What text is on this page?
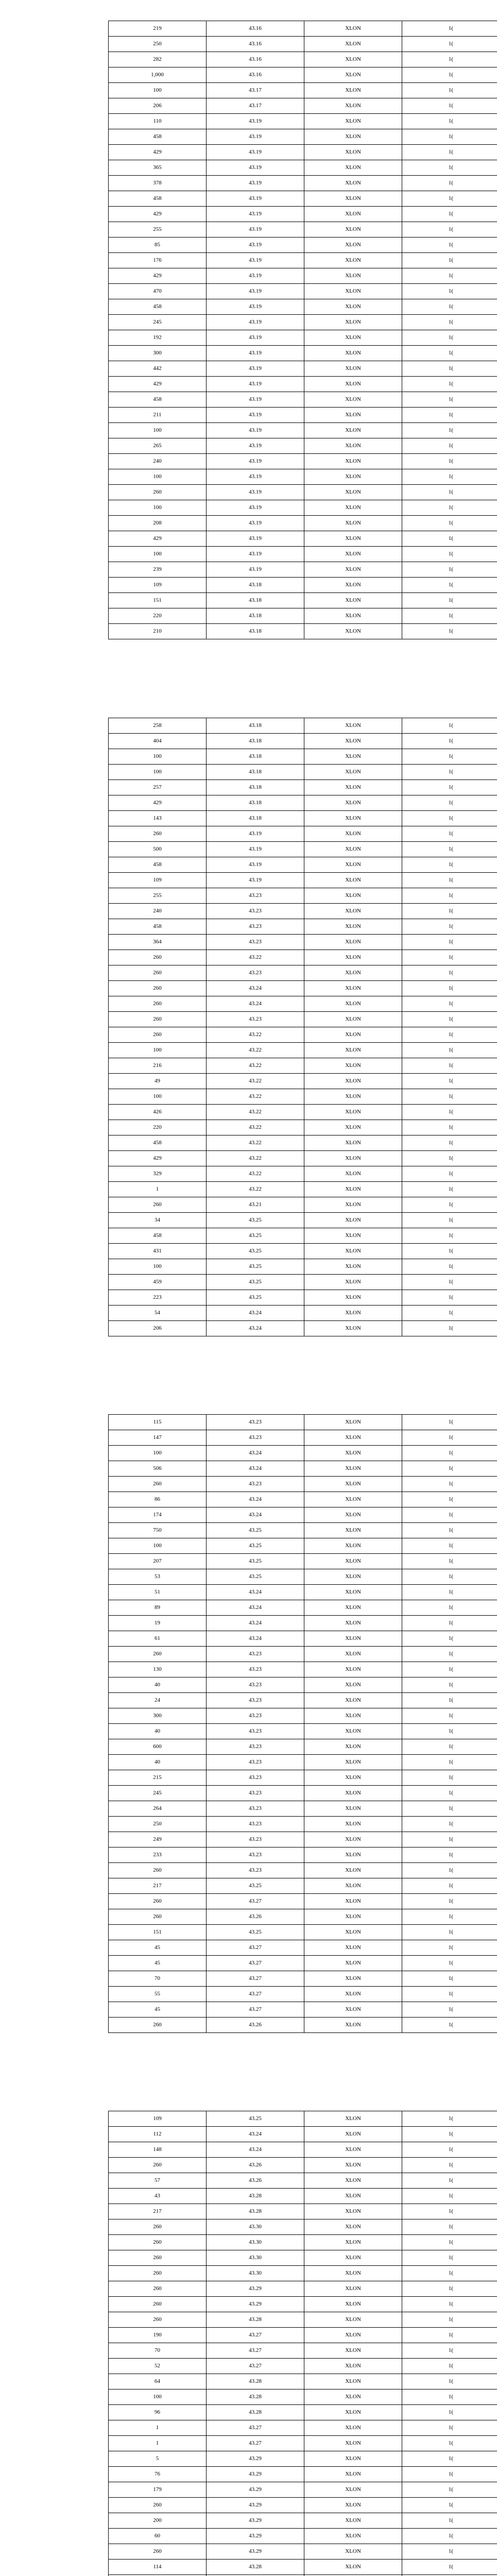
219	43.16	XLON	1(
250	43.16	XLON	1(
282	43.16	XLON	1(
1,000	43.16	XLON	1(
100	43.17	XLON	1(
206	43.17	XLON	1(
110	43.19	XLON	1(
458	43.19	XLON	1(
429	43.19	XLON	1(
365	43.19	XLON	1(
378	43.19	XLON	1(
458	43.19	XLON	1(
429	43.19	XLON	1(
255	43.19	XLON	1(
85	43.19	XLON	1(
176	43.19	XLON	1(
429	43.19	XLON	1(
470	43.19	XLON	1(
458	43.19	XLON	1(
245	43.19	XLON	1(
192	43.19	XLON	1(
300	43.19	XLON	1(
442	43.19	XLON	1(
429	43.19	XLON	1(
458	43.19	XLON	1(
211	43.19	XLON	1(
100	43.19	XLON	1(
265	43.19	XLON	1(
240	43.19	XLON	1(
100	43.19	XLON	1(
260	43.19	XLON	1(
100	43.19	XLON	1(
208	43.19	XLON	1(
429	43.19	XLON	1(
100	43.19	XLON	1(
239	43.19	XLON	1(
109	43.18	XLON	1(
151	43.18	XLON	1(
220	43.18	XLON	1(
210	43.18	XLON	1(
258	43.18	XLON	1(
404	43.18	XLON	1(
100	43.18	XLON	1(
100	43.18	XLON	1(
257	43.18	XLON	1(
429	43.18	XLON	1(
143	43.18	XLON	1(
260	43.19	XLON	1(
500	43.19	XLON	1(
458	43.19	XLON	1(
109	43.19	XLON	1(
255	43.23	XLON	1(
240	43.23	XLON	1(
458	43.23	XLON	1(
364	43.23	XLON	1(
260	43.22	XLON	1(
260	43.23	XLON	1(
260	43.24	XLON	1(
260	43.24	XLON	1(
260	43.23	XLON	1(
260	43.22	XLON	1(
100	43.22	XLON	1(
216	43.22	XLON	1(
49	43.22	XLON	1(
100	43.22	XLON	1(
426	43.22	XLON	1(
220	43.22	XLON	1(
458	43.22	XLON	1(
429	43.22	XLON	1(
329	43.22	XLON	1(
1	43.22	XLON	1(
260	43.21	XLON	1(
34	43.25	XLON	1(
458	43.25	XLON	1(
431	43.25	XLON	1(
100	43.25	XLON	1(
459	43.25	XLON	1(
223	43.25	XLON	1(
54	43.24	XLON	1(
206	43.24	XLON	1(
115	43.23	XLON	1(
147	43.23	XLON	1(
100	43.24	XLON	1(
506	43.24	XLON	1(
260	43.23	XLON	1(
86	43.24	XLON	1(
174	43.24	XLON	1(
750	43.25	XLON	1(
100	43.25	XLON	1(
207	43.25	XLON	1(
53	43.25	XLON	1(
51	43.24	XLON	1(
89	43.24	XLON	1(
19	43.24	XLON	1(
61	43.24	XLON	1(
260	43.23	XLON	1(
130	43.23	XLON	1(
40	43.23	XLON	1(
24	43.23	XLON	1(
300	43.23	XLON	1(
40	43.23	XLON	1(
600	43.23	XLON	1(
40	43.23	XLON	1(
215	43.23	XLON	1(
245	43.23	XLON	1(
264	43.23	XLON	1(
250	43.23	XLON	1(
249	43.23	XLON	1(
233	43.23	XLON	1(
260	43.23	XLON	1(
217	43.25	XLON	1(
260	43.27	XLON	1(
260	43.26	XLON	1(
151	43.25	XLON	1(
45	43.27	XLON	1(
45	43.27	XLON	1(
70	43.27	XLON	1(
55	43.27	XLON	1(
45	43.27	XLON	1(
260	43.26	XLON	1(
109	43.25	XLON	1(
112	43.24	XLON	1(
148	43.24	XLON	1(
260	43.26	XLON	1(
57	43.26	XLON	1(
43	43.28	XLON	1(
217	43.28	XLON	1(
260	43.30	XLON	1(
260	43.30	XLON	1(
260	43.30	XLON	1(
260	43.30	XLON	1(
260	43.29	XLON	1(
260	43.29	XLON	1(
260	43.28	XLON	1(
190	43.27	XLON	1(
70	43.27	XLON	1(
52	43.27	XLON	1(
64	43.28	XLON	1(
100	43.28	XLON	1(
96	43.28	XLON	1(
1	43.27	XLON	1(
1	43.27	XLON	1(
5	43.29	XLON	1(
76	43.29	XLON	1(
179	43.29	XLON	1(
260	43.29	XLON	1(
200	43.29	XLON	1(
60	43.29	XLON	1(
260	43.29	XLON	1(
114	43.28	XLON	1(
